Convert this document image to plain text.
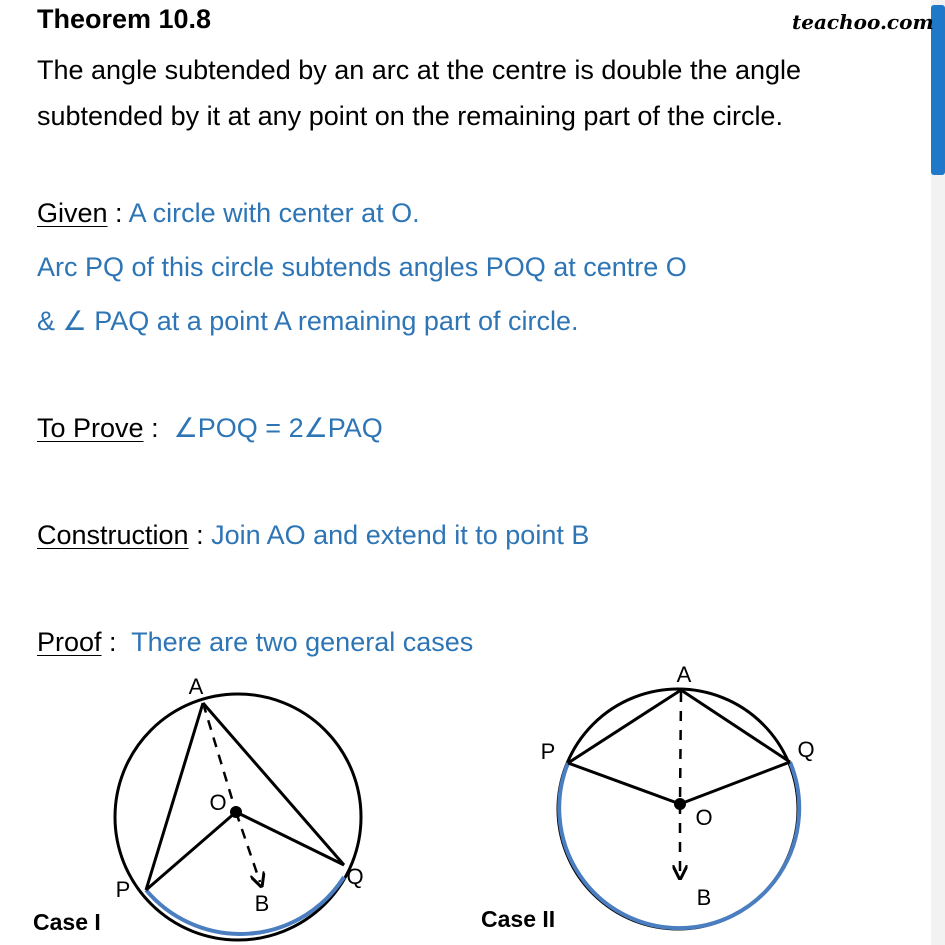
Theorem 10.8	teachoo.com
The angle subtended by an arc at the centre is double the angle
subtended by it at any point on the remaining part of the circle.
Given : A circle with center at O.
Arc PQ of this circle subtends angles POQ at centre O
& ∠ PAQ at a point A remaining part of circle.
To Prove :  ∠POQ = 2∠PAQ
Construction : Join AO and extend it to point B
Proof :  There are two general cases
A
O
P
Q
B
Case I
A
O
P	Q
B
Case II
